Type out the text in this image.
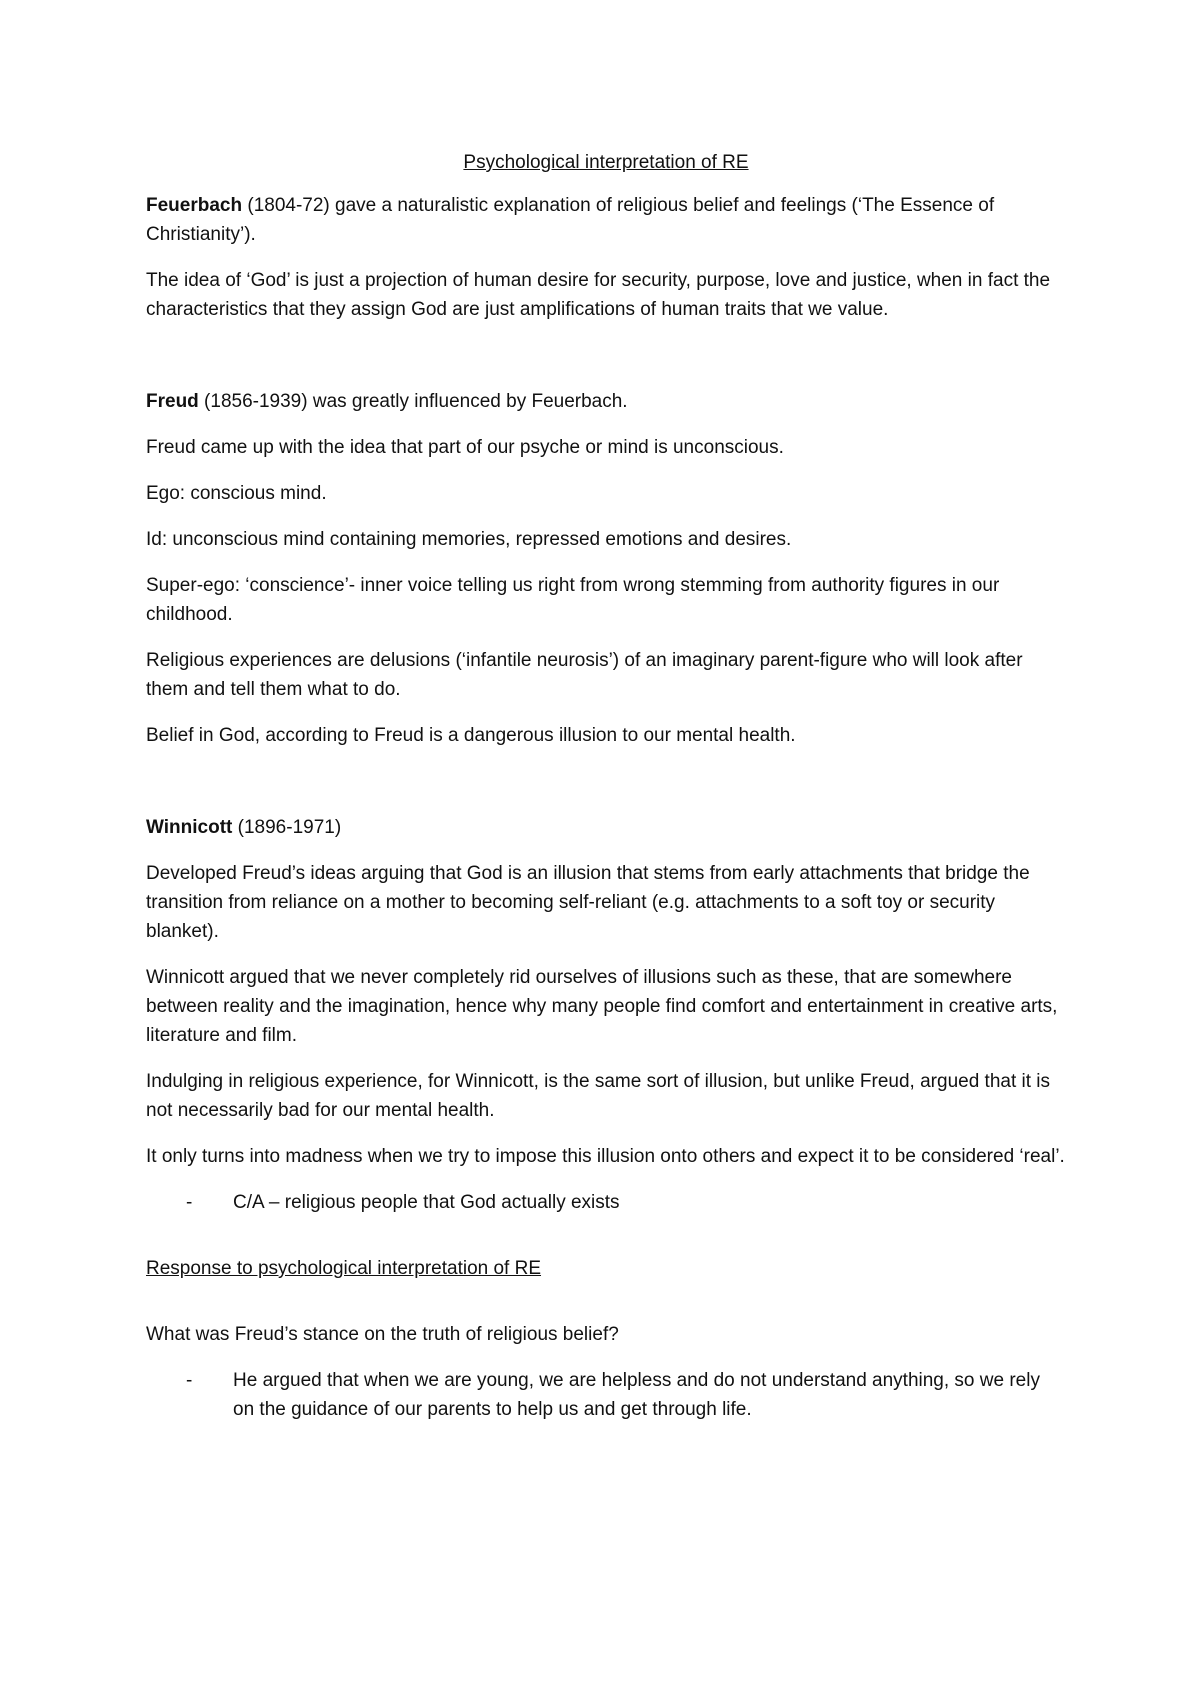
Psychological interpretation of RE

Feuerbach (1804-72) gave a naturalistic explanation of religious belief and feelings (‘The Essence of Christianity’).

The idea of ‘God’ is just a projection of human desire for security, purpose, love and justice, when in fact the characteristics that they assign God are just amplifications of human traits that we value.

Freud (1856-1939) was greatly influenced by Feuerbach.

Freud came up with the idea that part of our psyche or mind is unconscious.

Ego: conscious mind.

Id: unconscious mind containing memories, repressed emotions and desires.

Super-ego: ‘conscience’- inner voice telling us right from wrong stemming from authority figures in our childhood.

Religious experiences are delusions (‘infantile neurosis’) of an imaginary parent-figure who will look after them and tell them what to do.

Belief in God, according to Freud is a dangerous illusion to our mental health.

Winnicott (1896-1971)

Developed Freud’s ideas arguing that God is an illusion that stems from early attachments that bridge the transition from reliance on a mother to becoming self-reliant (e.g. attachments to a soft toy or security blanket).

Winnicott argued that we never completely rid ourselves of illusions such as these, that are somewhere between reality and the imagination, hence why many people find comfort and entertainment in creative arts, literature and film.

Indulging in religious experience, for Winnicott, is the same sort of illusion, but unlike Freud, argued that it is not necessarily bad for our mental health.

It only turns into madness when we try to impose this illusion onto others and expect it to be considered ‘real’.

- C/A – religious people that God actually exists

Response to psychological interpretation of RE

What was Freud’s stance on the truth of religious belief?

- He argued that when we are young, we are helpless and do not understand anything, so we rely on the guidance of our parents to help us and get through life.
